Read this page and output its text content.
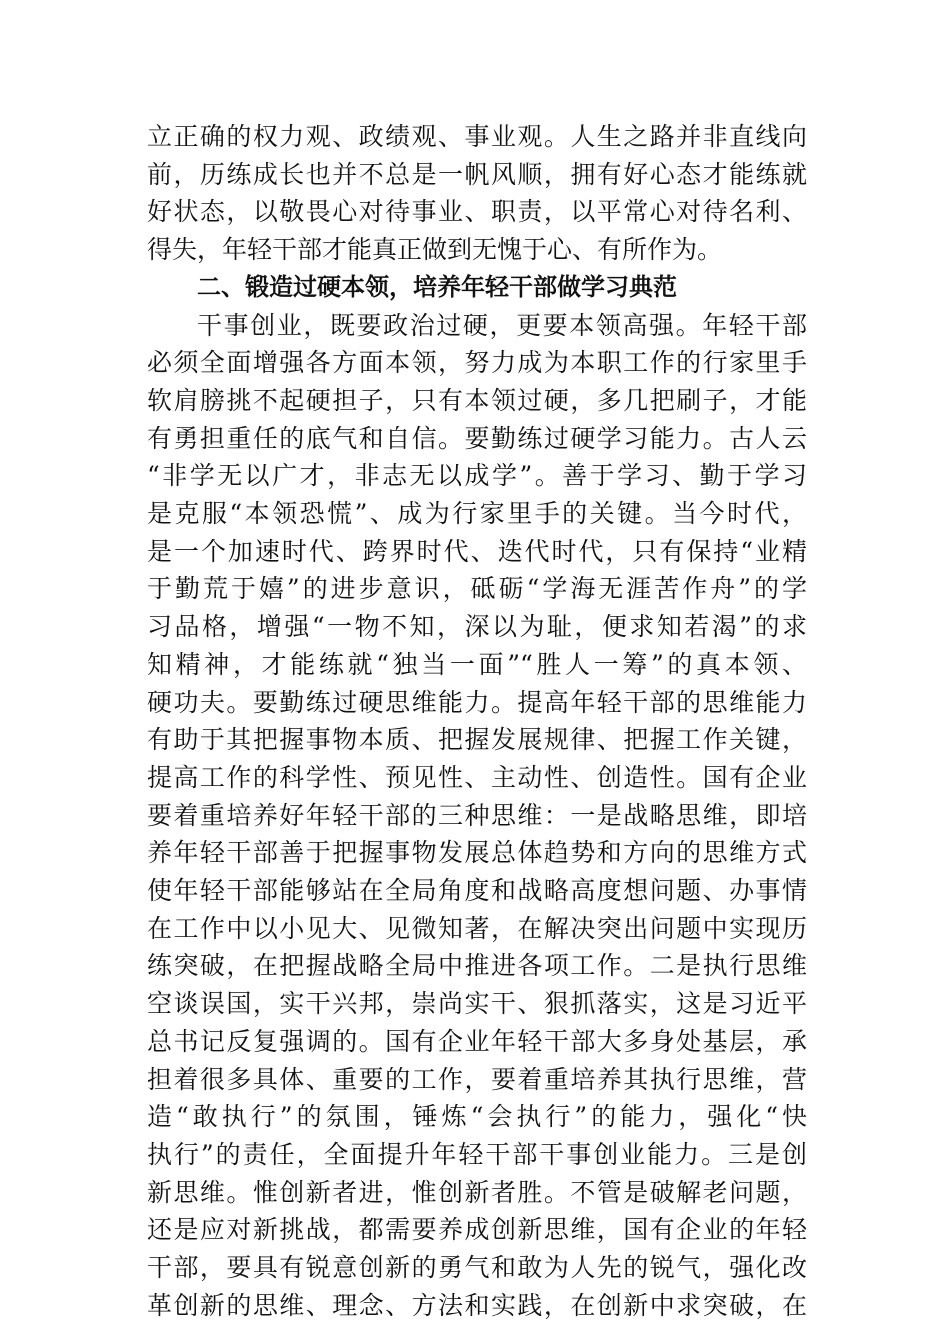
立正确的权力观、政绩观、事业观。人生之路并非直线向
前，历练成长也并不总是一帆风顺，拥有好心态才能练就
好状态，以敬畏心对待事业、职责，以平常心对待名利、
得失，年轻干部才能真正做到无愧于心、有所作为。
二、锻造过硬本领，培养年轻干部做学习典范
干事创业，既要政治过硬，更要本领高强。年轻干部
必须全面增强各方面本领，努力成为本职工作的行家里手
软肩膀挑不起硬担子，只有本领过硬，多几把刷子，才能
有勇担重任的底气和自信。要勤练过硬学习能力。古人云
“非学无以广才，非志无以成学”。善于学习、勤于学习
是克服“本领恐慌”、成为行家里手的关键。当今时代，
是一个加速时代、跨界时代、迭代时代，只有保持“业精
于勤荒于嬉”的进步意识，砥砺“学海无涯苦作舟”的学
习品格，增强“一物不知，深以为耻，便求知若渴”的求
知精神，才能练就“独当一面”“胜人一筹”的真本领、
硬功夫。要勤练过硬思维能力。提高年轻干部的思维能力
有助于其把握事物本质、把握发展规律、把握工作关键，
提高工作的科学性、预见性、主动性、创造性。国有企业
要着重培养好年轻干部的三种思维：一是战略思维，即培
养年轻干部善于把握事物发展总体趋势和方向的思维方式
使年轻干部能够站在全局角度和战略高度想问题、办事情
在工作中以小见大、见微知著，在解决突出问题中实现历
练突破，在把握战略全局中推进各项工作。二是执行思维
空谈误国，实干兴邦，崇尚实干、狠抓落实，这是习近平
总书记反复强调的。国有企业年轻干部大多身处基层，承
担着很多具体、重要的工作，要着重培养其执行思维，营
造“敢执行”的氛围，锤炼“会执行”的能力，强化“快
执行”的责任，全面提升年轻干部干事创业能力。三是创
新思维。惟创新者进，惟创新者胜。不管是破解老问题，
还是应对新挑战，都需要养成创新思维，国有企业的年轻
干部，要具有锐意创新的勇气和敢为人先的锐气，强化改
革创新的思维、理念、方法和实践，在创新中求突破，在
